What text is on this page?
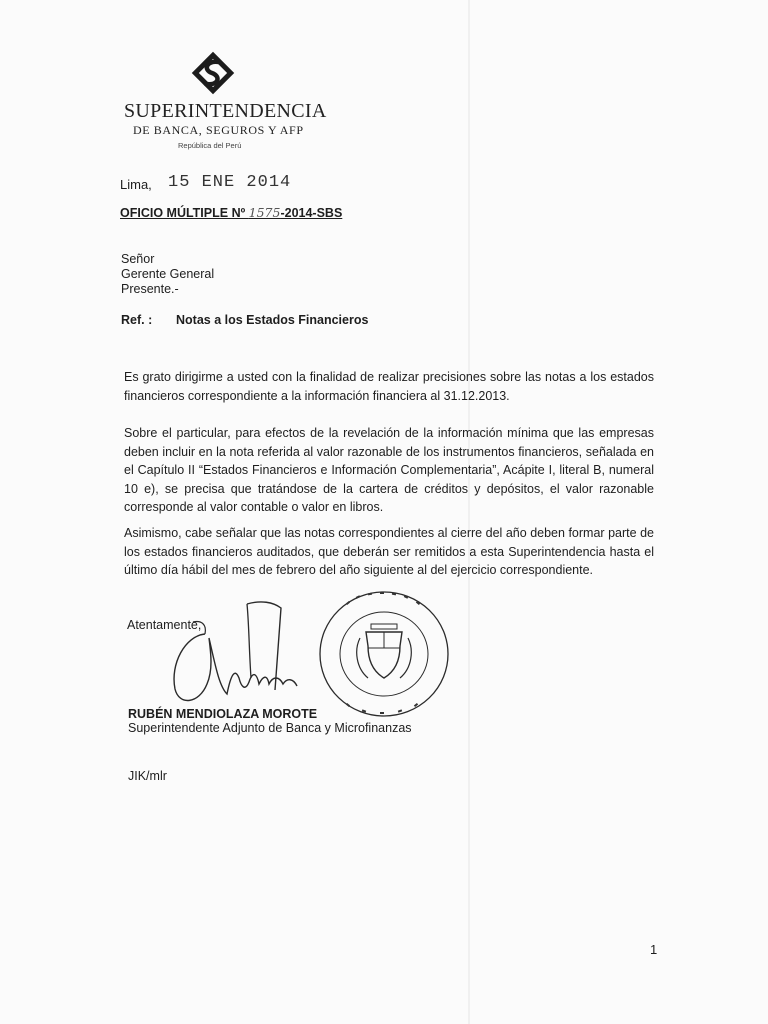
SUPERINTENDENCIA
DE BANCA, SEGUROS Y AFP
República del Perú
Lima, 15 ENE 2014
OFICIO MÚLTIPLE Nº 1575-2014-SBS
Señor
Gerente General
Presente.-
Ref. : Notas a los Estados Financieros

Es grato dirigirme a usted con la finalidad de realizar precisiones sobre las notas a los estados financieros correspondiente a la información financiera al 31.12.2013.

Sobre el particular, para efectos de la revelación de la información mínima que las empresas deben incluir en la nota referida al valor razonable de los instrumentos financieros, señalada en el Capítulo II “Estados Financieros e Información Complementaria”, Acápite I, literal B, numeral 10 e), se precisa que tratándose de la cartera de créditos y depósitos, el valor razonable corresponde al valor contable o valor en libros.

Asimismo, cabe señalar que las notas correspondientes al cierre del año deben formar parte de los estados financieros auditados, que deberán ser remitidos a esta Superintendencia hasta el último día hábil del mes de febrero del año siguiente al del ejercicio correspondiente.

Atentamente,
RUBÉN MENDIOLAZA MOROTE
Superintendente Adjunto de Banca y Microfinanzas
JIK/mlr
1
